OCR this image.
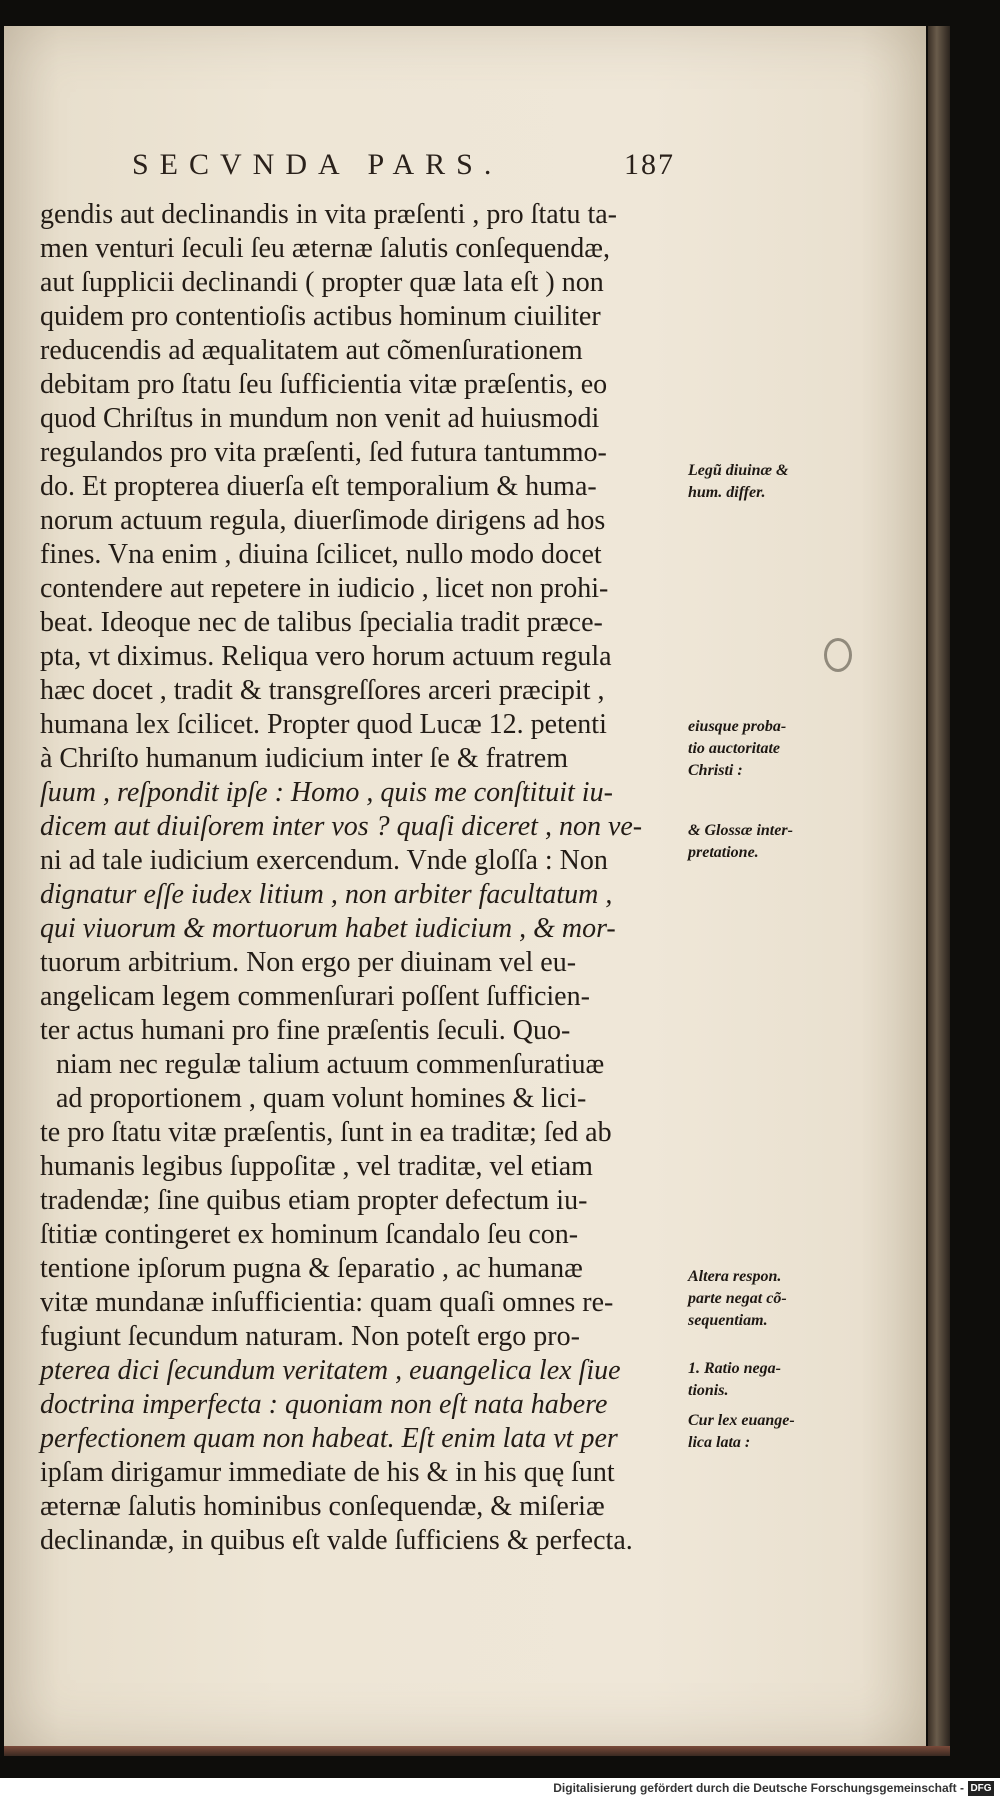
SECVNDA PARS.	187
gendis aut declinandis in vita præſenti , pro ſtatu ta-
men venturi ſeculi ſeu æternæ ſalutis conſequendæ,
aut ſupplicii declinandi ( propter quæ lata eſt ) non
quidem pro contentioſis actibus hominum ciuiliter
reducendis ad æqualitatem aut cõmenſurationem
debitam pro ſtatu ſeu ſufficientia vitæ præſentis, eo
quod Chriſtus in mundum non venit ad huiusmodi
regulandos pro vita præſenti, ſed futura tantummo-
do. Et propterea diuerſa eſt temporalium & huma-
norum actuum regula, diuerſimode dirigens ad hos
fines. Vna enim , diuina ſcilicet, nullo modo docet
contendere aut repetere in iudicio , licet non prohi-
beat. Ideoque nec de talibus ſpecialia tradit præce-
pta, vt diximus. Reliqua vero horum actuum regula
hæc docet , tradit & transgreſſores arceri præcipit ,
humana lex ſcilicet. Propter quod Lucæ 12. petenti
à Chriſto humanum iudicium inter ſe & fratrem
ſuum , reſpondit ipſe : Homo , quis me conſtituit iu-
dicem aut diuiſorem inter vos ? quaſi diceret , non ve-
ni ad tale iudicium exercendum. Vnde gloſſa : Non
dignatur eſſe iudex litium , non arbiter facultatum ,
qui viuorum & mortuorum habet iudicium , & mor-
tuorum arbitrium. Non ergo per diuinam vel eu-
angelicam legem commenſurari poſſent ſufficien-
ter actus humani pro fine præſentis ſeculi. Quo-
niam nec regulæ talium actuum commenſuratiuæ
ad proportionem , quam volunt homines & lici-
te pro ſtatu vitæ præſentis, ſunt in ea traditæ; ſed ab
humanis legibus ſuppoſitæ , vel traditæ, vel etiam
tradendæ; ſine quibus etiam propter defectum iu-
ſtitiæ contingeret ex hominum ſcandalo ſeu con-
tentione ipſorum pugna & ſeparatio , ac humanæ
vitæ mundanæ inſufficientia: quam quaſi omnes re-
fugiunt ſecundum naturam. Non poteſt ergo pro-
pterea dici ſecundum veritatem , euangelica lex ſiue
doctrina imperfecta : quoniam non eſt nata habere
perfectionem quam non habeat. Eſt enim lata vt per
ipſam dirigamur immediate de his & in his quę ſunt
æternæ ſalutis hominibus conſequendæ, & miſeriæ
declinandæ, in quibus eſt valde ſufficiens & perfecta.
Legũ diuinæ &
hum. differ.
eiusque proba-
tio auctoritate
Christi :
& Glossæ inter-
pretatione.
Altera respon.
parte negat cõ-
sequentiam.
1. Ratio nega-
tionis.
Cur lex euange-
lica lata :
Digitalisierung gefördert durch die Deutsche Forschungsgemeinschaft - DFG
